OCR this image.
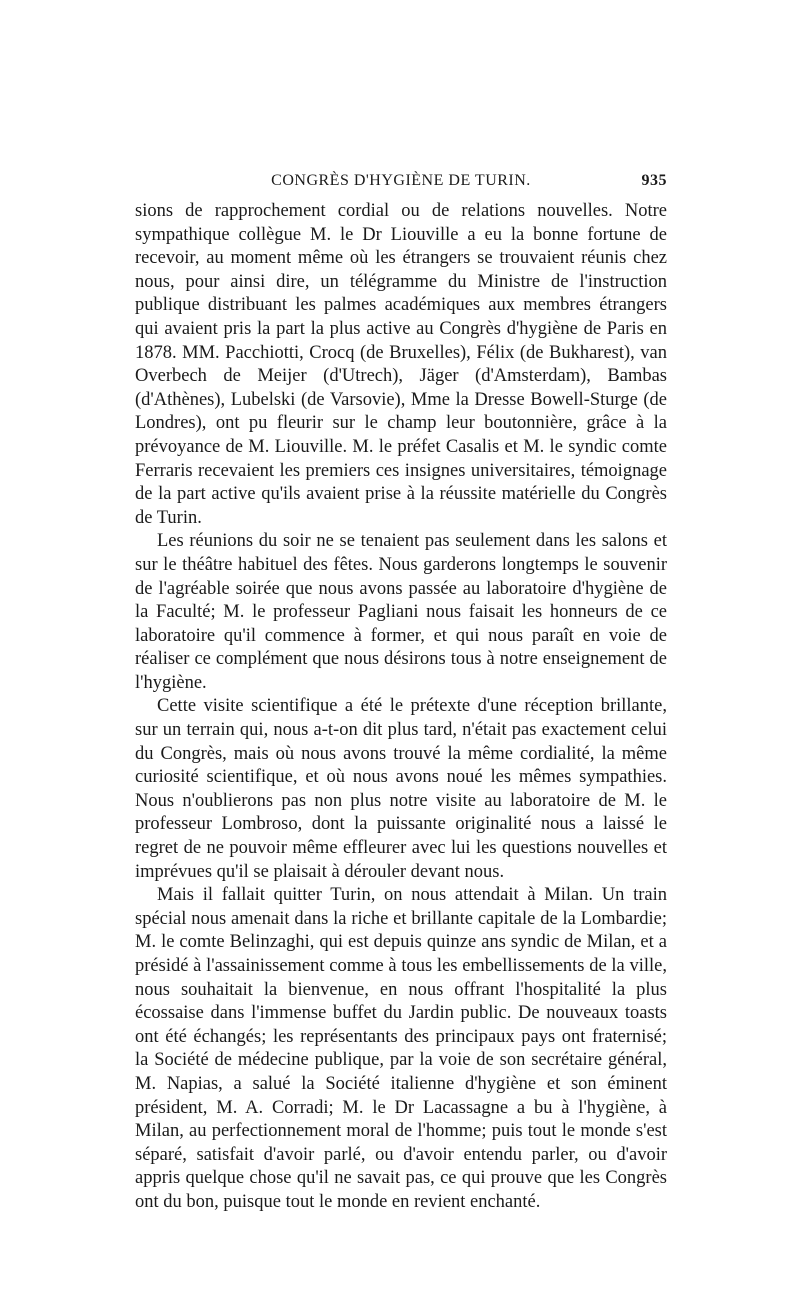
CONGRÈS D'HYGIÈNE DE TURIN.	935

sions de rapprochement cordial ou de relations nouvelles. Notre sympathique collègue M. le Dr Liouville a eu la bonne fortune de recevoir, au moment même où les étrangers se trouvaient réunis chez nous, pour ainsi dire, un télégramme du Ministre de l'instruction publique distribuant les palmes académiques aux membres étrangers qui avaient pris la part la plus active au Congrès d'hygiène de Paris en 1878. MM. Pacchiotti, Crocq (de Bruxelles), Félix (de Bukharest), van Overbech de Meijer (d'Utrech), Jäger (d'Amsterdam), Bambas (d'Athènes), Lubelski (de Varsovie), Mme la Dresse Bowell-Sturge (de Londres), ont pu fleurir sur le champ leur boutonnière, grâce à la prévoyance de M. Liouville. M. le préfet Casalis et M. le syndic comte Ferraris recevaient les premiers ces insignes universitaires, témoignage de la part active qu'ils avaient prise à la réussite matérielle du Congrès de Turin.

Les réunions du soir ne se tenaient pas seulement dans les salons et sur le théâtre habituel des fêtes. Nous garderons longtemps le souvenir de l'agréable soirée que nous avons passée au laboratoire d'hygiène de la Faculté; M. le professeur Pagliani nous faisait les honneurs de ce laboratoire qu'il commence à former, et qui nous paraît en voie de réaliser ce complément que nous désirons tous à notre enseignement de l'hygiène.

Cette visite scientifique a été le prétexte d'une réception brillante, sur un terrain qui, nous a-t-on dit plus tard, n'était pas exactement celui du Congrès, mais où nous avons trouvé la même cordialité, la même curiosité scientifique, et où nous avons noué les mêmes sympathies. Nous n'oublierons pas non plus notre visite au laboratoire de M. le professeur Lombroso, dont la puissante originalité nous a laissé le regret de ne pouvoir même effleurer avec lui les questions nouvelles et imprévues qu'il se plaisait à dérouler devant nous.

Mais il fallait quitter Turin, on nous attendait à Milan. Un train spécial nous amenait dans la riche et brillante capitale de la Lombardie; M. le comte Belinzaghi, qui est depuis quinze ans syndic de Milan, et a présidé à l'assainissement comme à tous les embellissements de la ville, nous souhaitait la bienvenue, en nous offrant l'hospitalité la plus écossaise dans l'immense buffet du Jardin public. De nouveaux toasts ont été échangés; les représentants des principaux pays ont fraternisé; la Société de médecine publique, par la voie de son secrétaire général, M. Napias, a salué la Société italienne d'hygiène et son éminent président, M. A. Corradi; M. le Dr Lacassagne a bu à l'hygiène, à Milan, au perfectionnement moral de l'homme; puis tout le monde s'est séparé, satisfait d'avoir parlé, ou d'avoir entendu parler, ou d'avoir appris quelque chose qu'il ne savait pas, ce qui prouve que les Congrès ont du bon, puisque tout le monde en revient enchanté.
